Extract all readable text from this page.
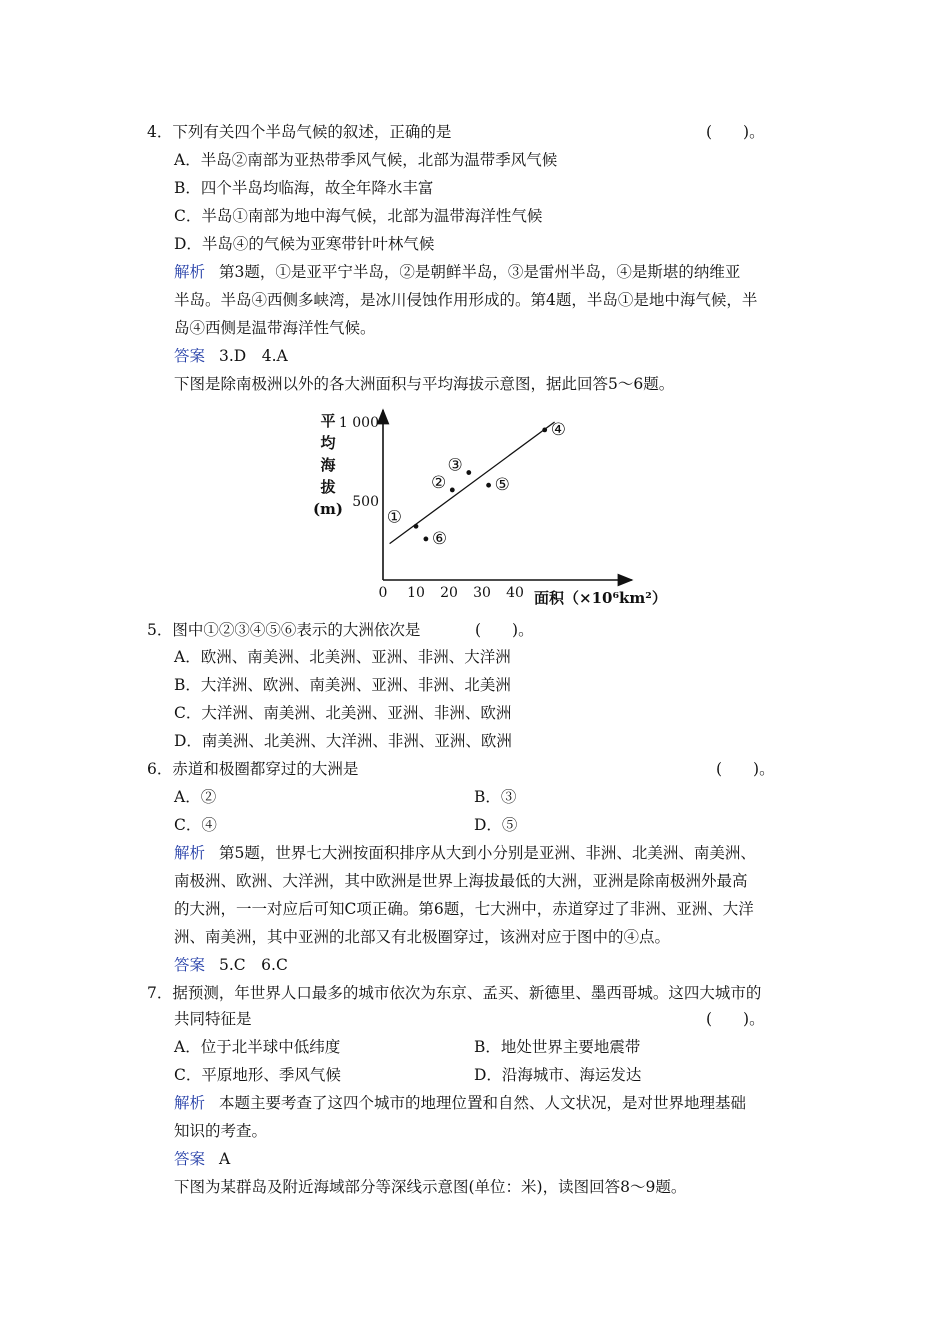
4．下列有关四个半岛气候的叙述，正确的是	(　　)。
A．半岛②南部为亚热带季风气候，北部为温带季风气候
B．四个半岛均临海，故全年降水丰富
C．半岛①南部为地中海气候，北部为温带海洋性气候
D．半岛④的气候为亚寒带针叶林气候
解析 第3题，①是亚平宁半岛，②是朝鲜半岛，③是雷州半岛，④是斯堪的纳维亚
半岛。半岛④西侧多峡湾，是冰川侵蚀作用形成的。第4题，半岛①是地中海气候，半
岛④西侧是温带海洋性气候。
答案 3.D　4.A
下图是除南极洲以外的各大洲面积与平均海拔示意图，据此回答5～6题。
平
均
海
拔
(m) 500
1 000
0 10 20 30 40 面积（×10⁶km²）
①
②
③
④
⑤
⑥
5．图中①②③④⑤⑥表示的大洲依次是	(　　)。
A．欧洲、南美洲、北美洲、亚洲、非洲、大洋洲
B．大洋洲、欧洲、南美洲、亚洲、非洲、北美洲
C．大洋洲、南美洲、北美洲、亚洲、非洲、欧洲
D．南美洲、北美洲、大洋洲、非洲、亚洲、欧洲
6．赤道和极圈都穿过的大洲是	(　　)。
A．②	B．③
C．④	D．⑤
解析 第5题，世界七大洲按面积排序从大到小分别是亚洲、非洲、北美洲、南美洲、
南极洲、欧洲、大洋洲，其中欧洲是世界上海拔最低的大洲，亚洲是除南极洲外最高
的大洲，一一对应后可知C项正确。第6题，七大洲中，赤道穿过了非洲、亚洲、大洋
洲、南美洲，其中亚洲的北部又有北极圈穿过，该洲对应于图中的④点。
答案 5.C　6.C
7．据预测，年世界人口最多的城市依次为东京、孟买、新德里、墨西哥城。这四大城市的
共同特征是	(　　)。
A．位于北半球中低纬度	B．地处世界主要地震带
C．平原地形、季风气候	D．沿海城市、海运发达
解析 本题主要考查了这四个城市的地理位置和自然、人文状况，是对世界地理基础
知识的考查。
答案 A
下图为某群岛及附近海域部分等深线示意图(单位：米)，读图回答8～9题。
